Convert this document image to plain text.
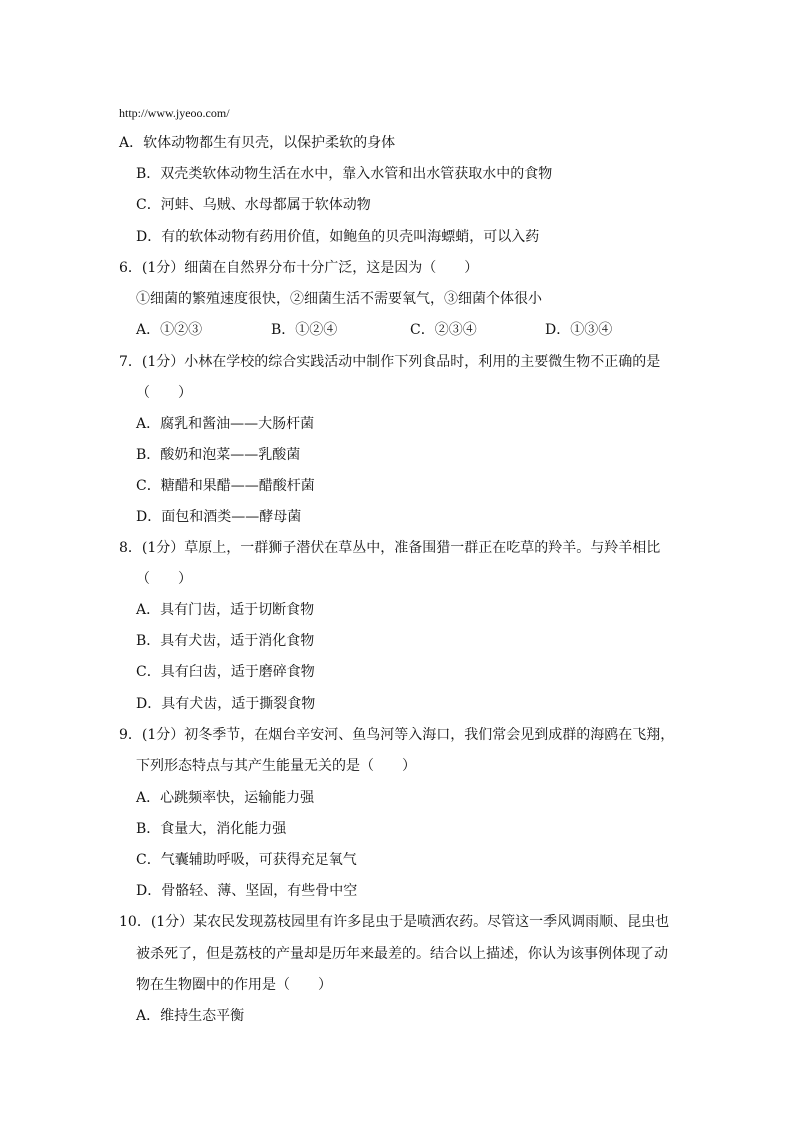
http://www.jyeoo.com/
A．软体动物都生有贝壳，以保护柔软的身体
B．双壳类软体动物生活在水中，靠入水管和出水管获取水中的食物
C．河蚌、乌贼、水母都属于软体动物
D．有的软体动物有药用价值，如鲍鱼的贝壳叫海螵蛸，可以入药
6．(1分）细菌在自然界分布十分广泛，这是因为（　　）
①细菌的繁殖速度很快，②细菌生活不需要氧气，③细菌个体很小
A．①②③	B．①②④	C．②③④	D．①③④
7．(1分）小林在学校的综合实践活动中制作下列食品时，利用的主要微生物不正确的是
（　　）
A．腐乳和酱油——大肠杆菌
B．酸奶和泡菜——乳酸菌
C．糖醋和果醋——醋酸杆菌
D．面包和酒类——酵母菌
8．(1分）草原上，一群狮子潜伏在草丛中，准备围猎一群正在吃草的羚羊。与羚羊相比
（　　）
A．具有门齿，适于切断食物
B．具有犬齿，适于消化食物
C．具有臼齿，适于磨碎食物
D．具有犬齿，适于撕裂食物
9．(1分）初冬季节，在烟台辛安河、鱼鸟河等入海口，我们常会见到成群的海鸥在飞翔，
下列形态特点与其产生能量无关的是（　　）
A．心跳频率快，运输能力强
B．食量大，消化能力强
C．气囊辅助呼吸，可获得充足氧气
D．骨骼轻、薄、坚固，有些骨中空
10．(1分）某农民发现荔枝园里有许多昆虫于是喷洒农药。尽管这一季风调雨顺、昆虫也
被杀死了，但是荔枝的产量却是历年来最差的。结合以上描述，你认为该事例体现了动
物在生物圈中的作用是（　　）
A．维持生态平衡
